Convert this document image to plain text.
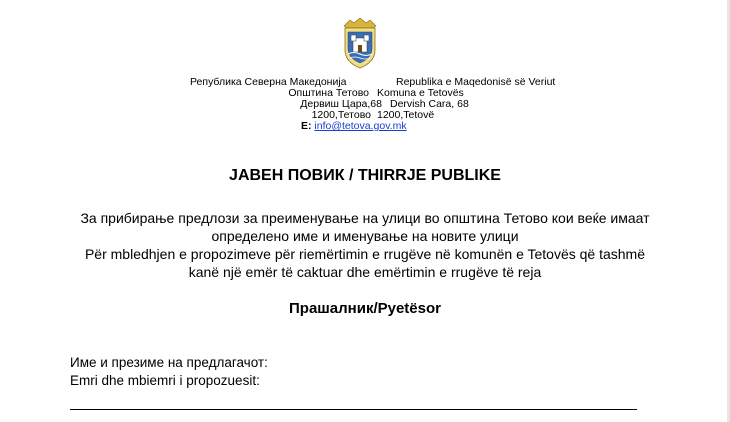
Република Северна Македонија	Republika e Maqedonisë së Veriut
Општина Тетово Komuna e Tetovës
Дервиш Цара,68 Dervish Cara, 68
1200,Тетово 1200,Tetovë
E: info@tetova.gov.mk
ЈАВЕН ПОВИК / THIRRJE PUBLIKE
За прибирање предлози за преименување на улици во општина Тетово кои веќе имаат
определено име и именување на новите улици
Për mbledhjen e propozimeve për riemërtimin e rrugëve në komunën e Tetovës që tashmë
kanë një emër të caktuar dhe emërtimin e rrugëve të reja
Прашалник/Pyetësor
Име и презиме на предлагачот:
Emri dhe mbiemri i propozuesit:
